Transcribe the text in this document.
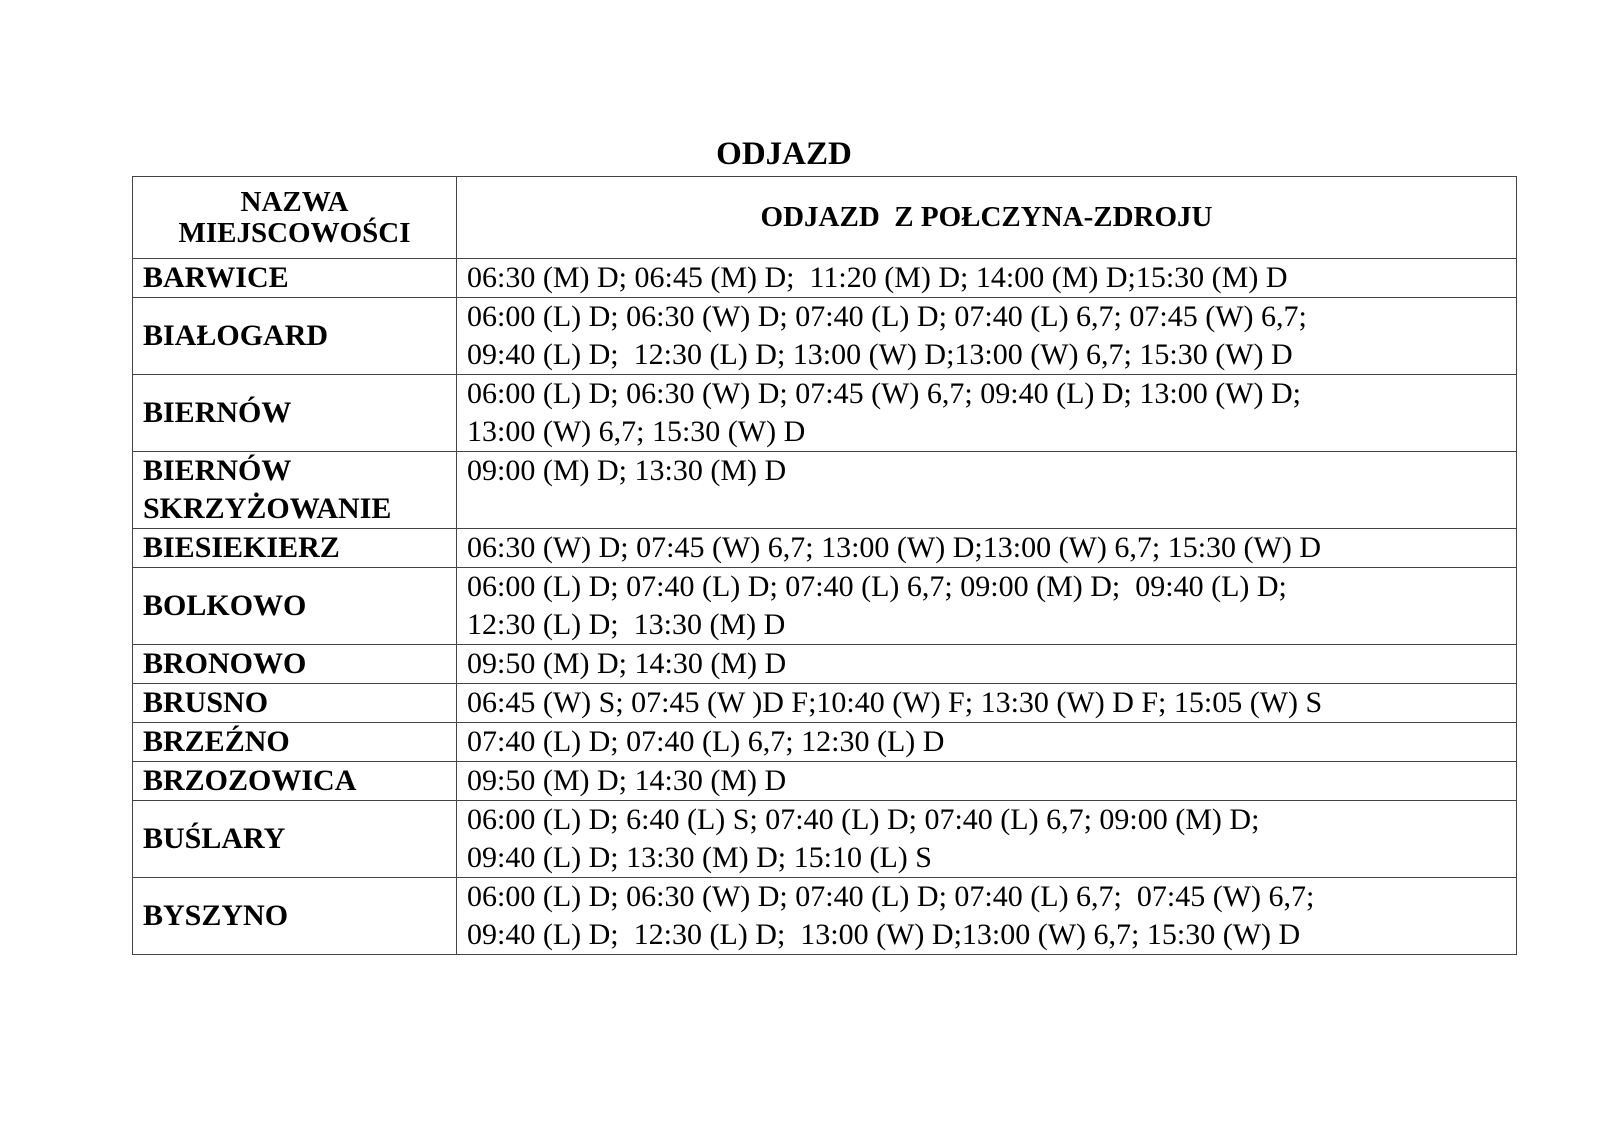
ODJAZD
NAZWA
MIEJSCOWOŚCI	ODJAZD  Z POŁCZYNA-ZDROJU

BARWICE	06:30 (M) D; 06:45 (M) D;  11:20 (M) D; 14:00 (M) D;15:30 (M) D

BIAŁOGARD	06:00 (L) D; 06:30 (W) D; 07:40 (L) D; 07:40 (L) 6,7; 07:45 (W) 6,7;
09:40 (L) D;  12:30 (L) D; 13:00 (W) D;13:00 (W) 6,7; 15:30 (W) D

BIERNÓW	06:00 (L) D; 06:30 (W) D; 07:45 (W) 6,7; 09:40 (L) D; 13:00 (W) D;
13:00 (W) 6,7; 15:30 (W) D

BIERNÓW
SKRZYŻOWANIE	09:00 (M) D; 13:30 (M) D

BIESIEKIERZ	06:30 (W) D; 07:45 (W) 6,7; 13:00 (W) D;13:00 (W) 6,7; 15:30 (W) D

BOLKOWO	06:00 (L) D; 07:40 (L) D; 07:40 (L) 6,7; 09:00 (M) D;  09:40 (L) D;
12:30 (L) D;  13:30 (M) D

BRONOWO	09:50 (M) D; 14:30 (M) D

BRUSNO	06:45 (W) S; 07:45 (W )D F;10:40 (W) F; 13:30 (W) D F; 15:05 (W) S

BRZEŹNO	07:40 (L) D; 07:40 (L) 6,7; 12:30 (L) D

BRZOZOWICA	09:50 (M) D; 14:30 (M) D

BUŚLARY	06:00 (L) D; 6:40 (L) S; 07:40 (L) D; 07:40 (L) 6,7; 09:00 (M) D;
09:40 (L) D; 13:30 (M) D; 15:10 (L) S

BYSZYNO	06:00 (L) D; 06:30 (W) D; 07:40 (L) D; 07:40 (L) 6,7;  07:45 (W) 6,7;
09:40 (L) D;  12:30 (L) D;  13:00 (W) D;13:00 (W) 6,7; 15:30 (W) D
